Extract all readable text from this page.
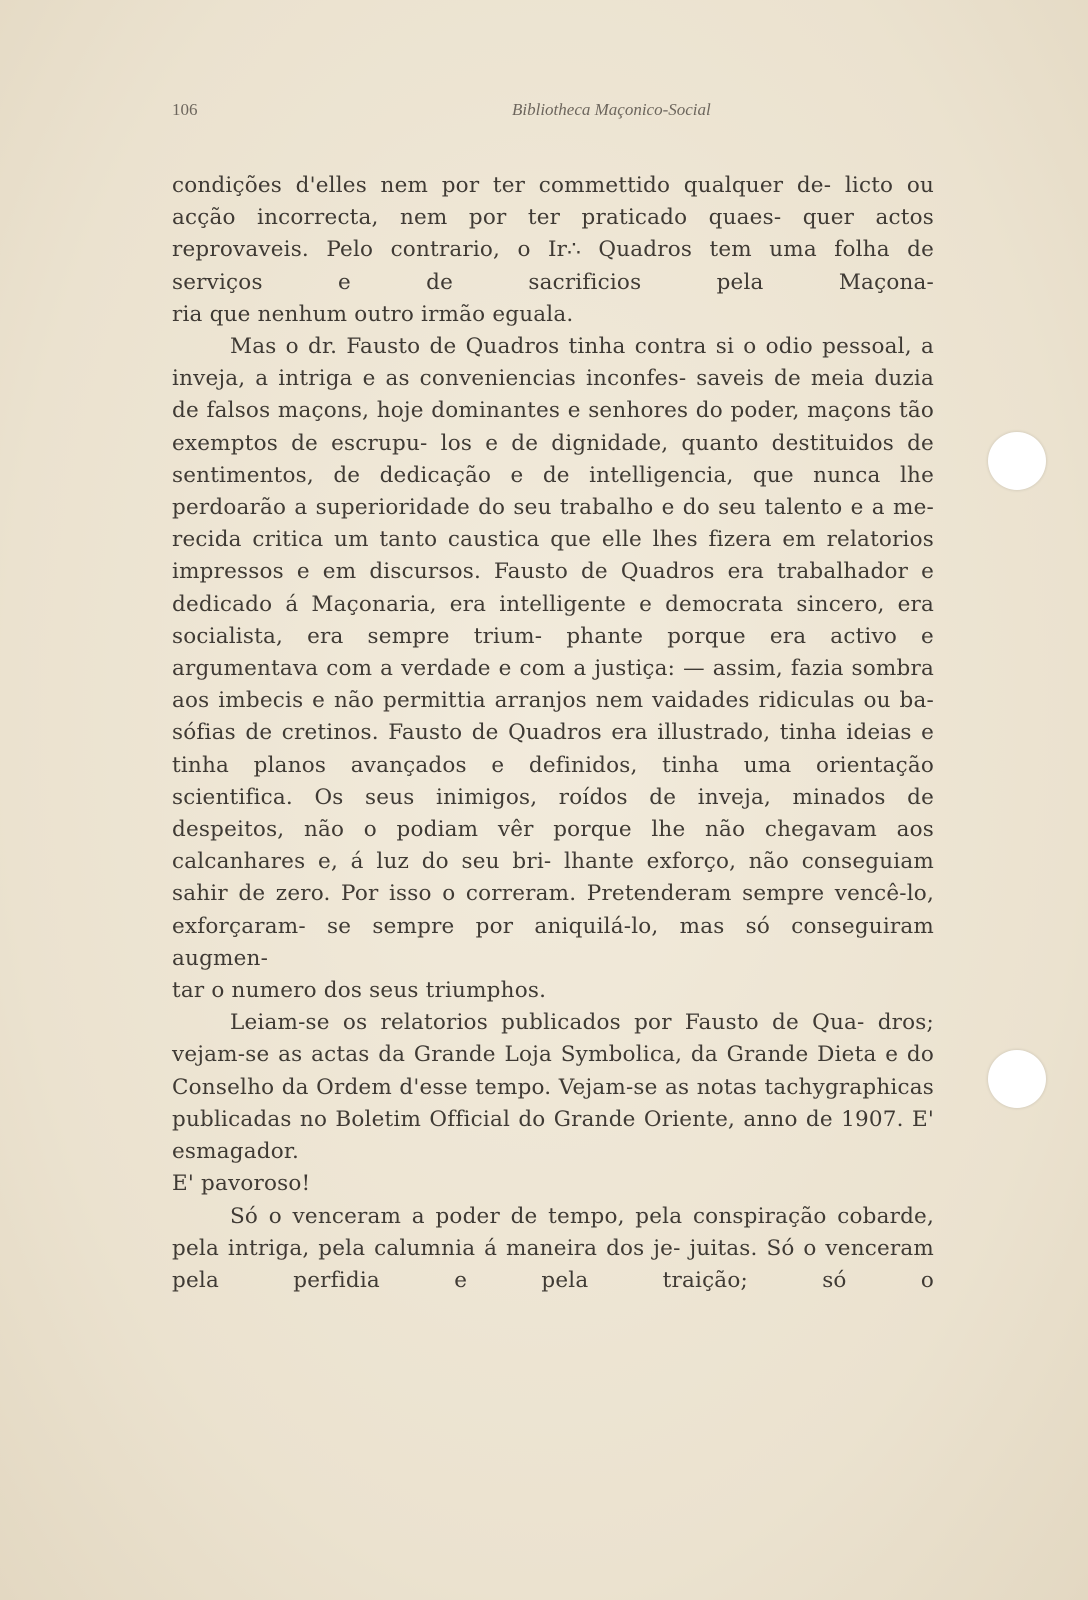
106	Bibliotheca Maçonico-Social

condições d'elles nem por ter commettido qualquer de- licto ou acção incorrecta, nem por ter praticado quaes- quer actos reprovaveis. Pelo contrario, o Ir∴ Quadros tem uma folha de serviços e de sacrificios pela Maçona-

ria que nenhum outro irmão eguala.

Mas o dr. Fausto de Quadros tinha contra si o odio pessoal, a inveja, a intriga e as conveniencias inconfes- saveis de meia duzia de falsos maçons, hoje dominantes e senhores do poder, maçons tão exemptos de escrupu- los e de dignidade, quanto destituidos de sentimentos, de dedicação e de intelligencia, que nunca lhe perdoarão a superioridade do seu trabalho e do seu talento e a me- recida critica um tanto caustica que elle lhes fizera em relatorios impressos e em discursos. Fausto de Quadros era trabalhador e dedicado á Maçonaria, era intelligente e democrata sincero, era socialista, era sempre trium- phante porque era activo e argumentava com a verdade e com a justiça: — assim, fazia sombra aos imbecis e não permittia arranjos nem vaidades ridiculas ou ba- sófias de cretinos. Fausto de Quadros era illustrado, tinha ideias e tinha planos avançados e definidos, tinha uma orientação scientifica. Os seus inimigos, roídos de inveja, minados de despeitos, não o podiam vêr porque lhe não chegavam aos calcanhares e, á luz do seu bri- lhante exforço, não conseguiam sahir de zero. Por isso o correram. Pretenderam sempre vencê-lo, exforçaram- se sempre por aniquilá-lo, mas só conseguiram augmen-

tar o numero dos seus triumphos.

Leiam-se os relatorios publicados por Fausto de Qua- dros; vejam-se as actas da Grande Loja Symbolica, da Grande Dieta e do Conselho da Ordem d'esse tempo. Vejam-se as notas tachygraphicas publicadas no Boletim Official do Grande Oriente, anno de 1907. E' esmagador.

E' pavoroso!

Só o venceram a poder de tempo, pela conspiração cobarde, pela intriga, pela calumnia á maneira dos je- juitas. Só o venceram pela perfidia e pela traição; só o
